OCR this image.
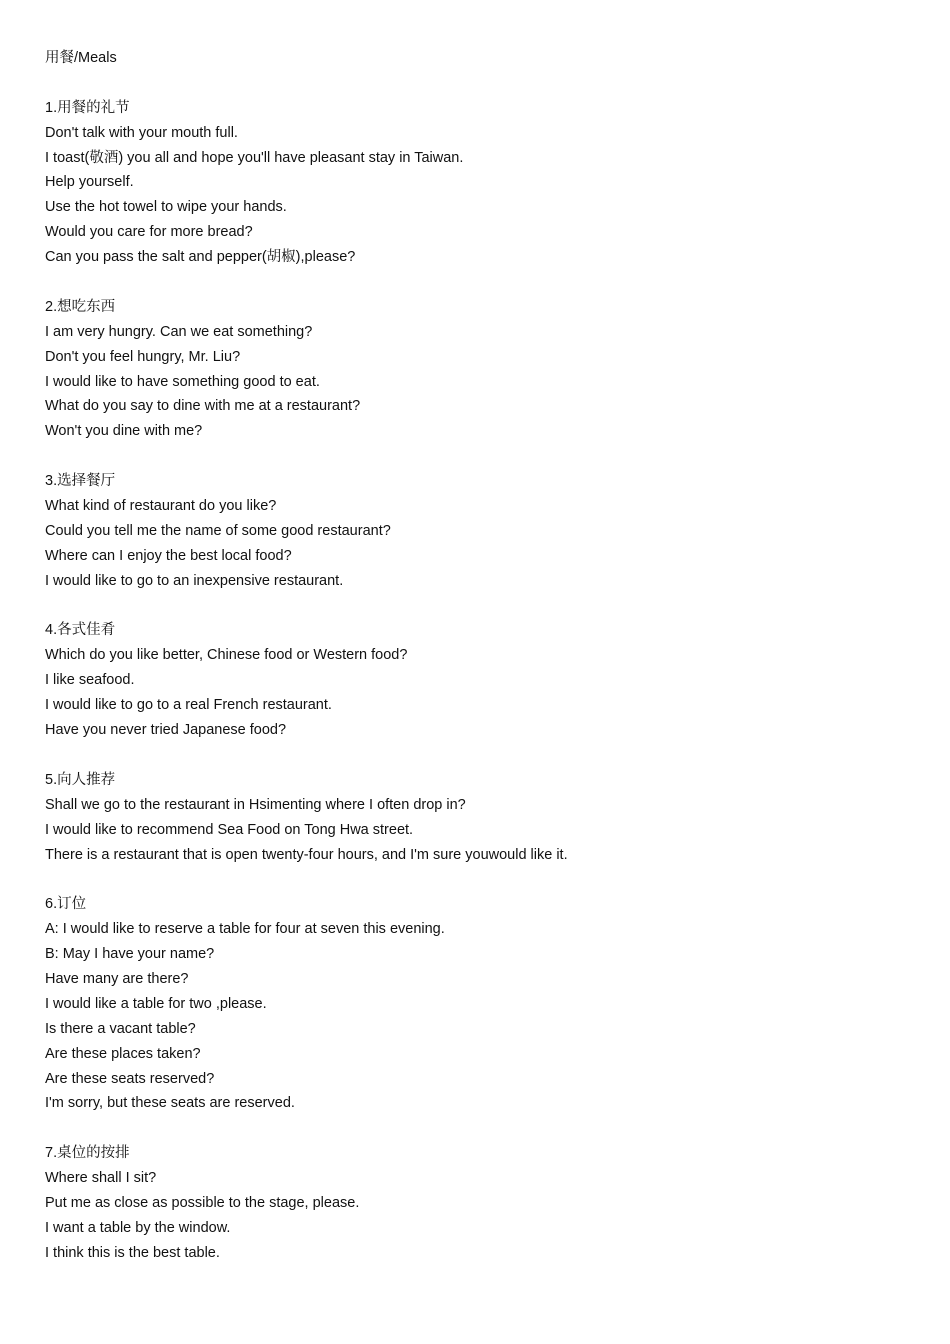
用餐/Meals
1.用餐的礼节
Don't talk with your mouth full.
I toast(敬酒) you all and hope you'll have pleasant stay in Taiwan.
Help yourself.
Use the hot towel to wipe your hands.
Would you care for more bread?
Can you pass the salt and pepper(胡椒),please?
2.想吃东西
I am very hungry. Can we eat something?
Don't you feel hungry, Mr. Liu?
I would like to have something good to eat.
What do you say to dine with me at a restaurant?
Won't you dine with me?
3.选择餐厅
What kind of restaurant do you like?
Could you tell me the name of some good restaurant?
Where can I enjoy the best local food?
I would like to go to an inexpensive restaurant.
4.各式佳肴
Which do you like better, Chinese food or Western food?
I like seafood.
I would like to go to a real French restaurant.
Have you never tried Japanese food?
5.向人推荐
Shall we go to the restaurant in Hsimenting where I often drop in?
I would like to recommend Sea Food on Tong Hwa street.
There is a restaurant that is open twenty-four hours, and I'm sure youwould like it.
6.订位
A: I would like to reserve a table for four at seven this evening.
B: May I have your name?
Have many are there?
I would like a table for two ,please.
Is there a vacant table?
Are these places taken?
Are these seats reserved?
I'm sorry, but these seats are reserved.
7.桌位的按排
Where shall I sit?
Put me as close as possible to the stage, please.
I want a table by the window.
I think this is the best table.
